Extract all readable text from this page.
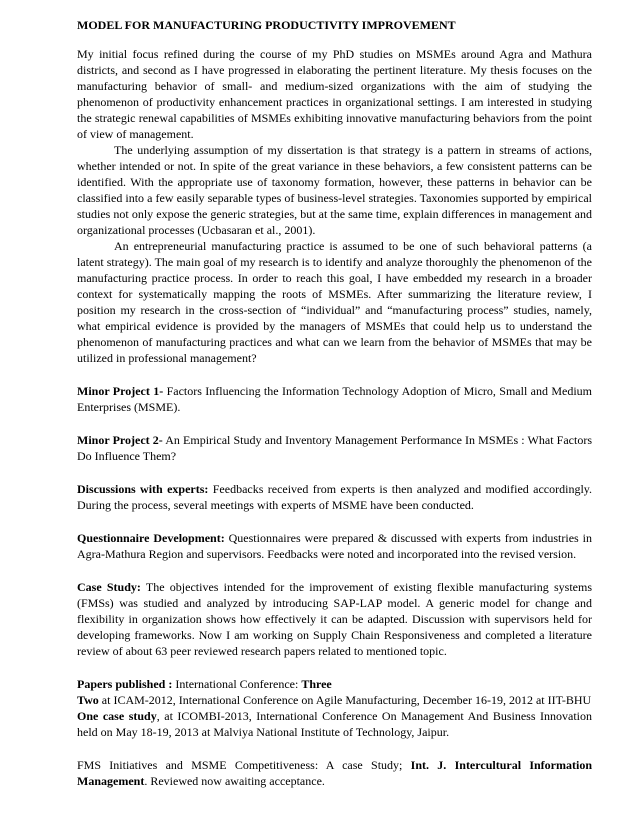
MODEL FOR MANUFACTURING PRODUCTIVITY IMPROVEMENT

My initial focus refined during the course of my PhD studies on MSMEs around Agra and Mathura districts, and second as I have progressed in elaborating the pertinent literature. My thesis focuses on the manufacturing behavior of small- and medium-sized organizations with the aim of studying the phenomenon of productivity enhancement practices in organizational settings. I am interested in studying the strategic renewal capabilities of MSMEs exhibiting innovative manufacturing behaviors from the point of view of management.

The underlying assumption of my dissertation is that strategy is a pattern in streams of actions, whether intended or not. In spite of the great variance in these behaviors, a few consistent patterns can be identified. With the appropriate use of taxonomy formation, however, these patterns in behavior can be classified into a few easily separable types of business-level strategies. Taxonomies supported by empirical studies not only expose the generic strategies, but at the same time, explain differences in management and organizational processes (Ucbasaran et al., 2001).

An entrepreneurial manufacturing practice is assumed to be one of such behavioral patterns (a latent strategy). The main goal of my research is to identify and analyze thoroughly the phenomenon of the manufacturing practice process. In order to reach this goal, I have embedded my research in a broader context for systematically mapping the roots of MSMEs. After summarizing the literature review, I position my research in the cross-section of “individual” and “manufacturing process” studies, namely, what empirical evidence is provided by the managers of MSMEs that could help us to understand the phenomenon of manufacturing practices and what can we learn from the behavior of MSMEs that may be utilized in professional management?

Minor Project 1- Factors Influencing the Information Technology Adoption of Micro, Small and Medium Enterprises (MSME).

Minor Project 2- An Empirical Study and Inventory Management Performance In MSMEs : What Factors Do Influence Them?

Discussions with experts: Feedbacks received from experts is then analyzed and modified accordingly. During the process, several meetings with experts of MSME have been conducted.

Questionnaire Development: Questionnaires were prepared & discussed with experts from industries in Agra-Mathura Region and supervisors. Feedbacks were noted and incorporated into the revised version.

Case Study: The objectives intended for the improvement of existing flexible manufacturing systems (FMSs) was studied and analyzed by introducing SAP-LAP model. A generic model for change and flexibility in organization shows how effectively it can be adapted. Discussion with supervisors held for developing frameworks. Now I am working on Supply Chain Responsiveness and completed a literature review of about 63 peer reviewed research papers related to mentioned topic.

Papers published : International Conference: Three

Two at ICAM-2012, International Conference on Agile Manufacturing, December 16-19, 2012 at IIT-BHU

One case study, at ICOMBI-2013, International Conference On Management And Business Innovation held on May 18-19, 2013 at Malviya National Institute of Technology, Jaipur.

FMS Initiatives and MSME Competitiveness: A case Study; Int. J. Intercultural Information Management. Reviewed now awaiting acceptance.
